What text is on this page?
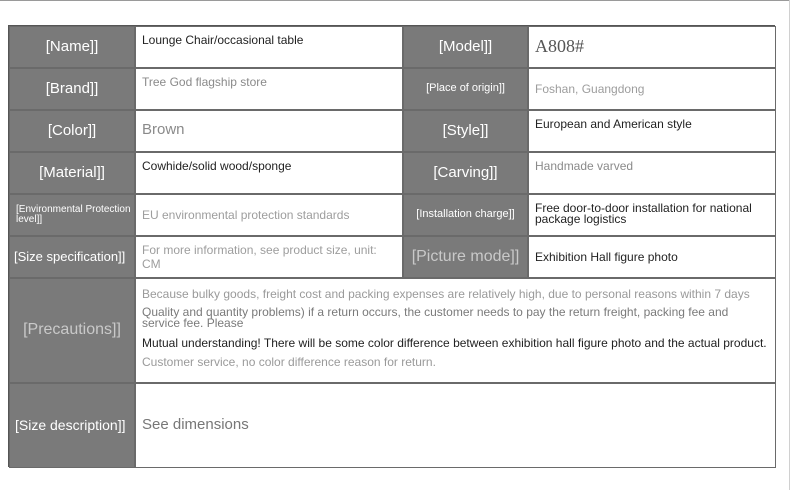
[Name]]	Lounge Chair/occasional table	[Model]]	A808#
[Brand]]	Tree God flagship store	[Place of origin]]	Foshan, Guangdong
[Color]]	Brown	[Style]]	European and American style
[Material]]	Cowhide/solid wood/sponge	[Carving]]	Handmade varved
[Environmental Protection level]]	EU environmental protection standards	[Installation charge]]	Free door-to-door installation for national package logistics
[Size specification]]	For more information, see product size, unit: CM	[Picture mode]]	Exhibition Hall figure photo
[Precautions]]
Because bulky goods, freight cost and packing expenses are relatively high, due to personal reasons within 7 days
Quality and quantity problems) if a return occurs, the customer needs to pay the return freight, packing fee and service fee. Please
Mutual understanding! There will be some color difference between exhibition hall figure photo and the actual product.
Customer service, no color difference reason for return.
[Size description]]	See dimensions
